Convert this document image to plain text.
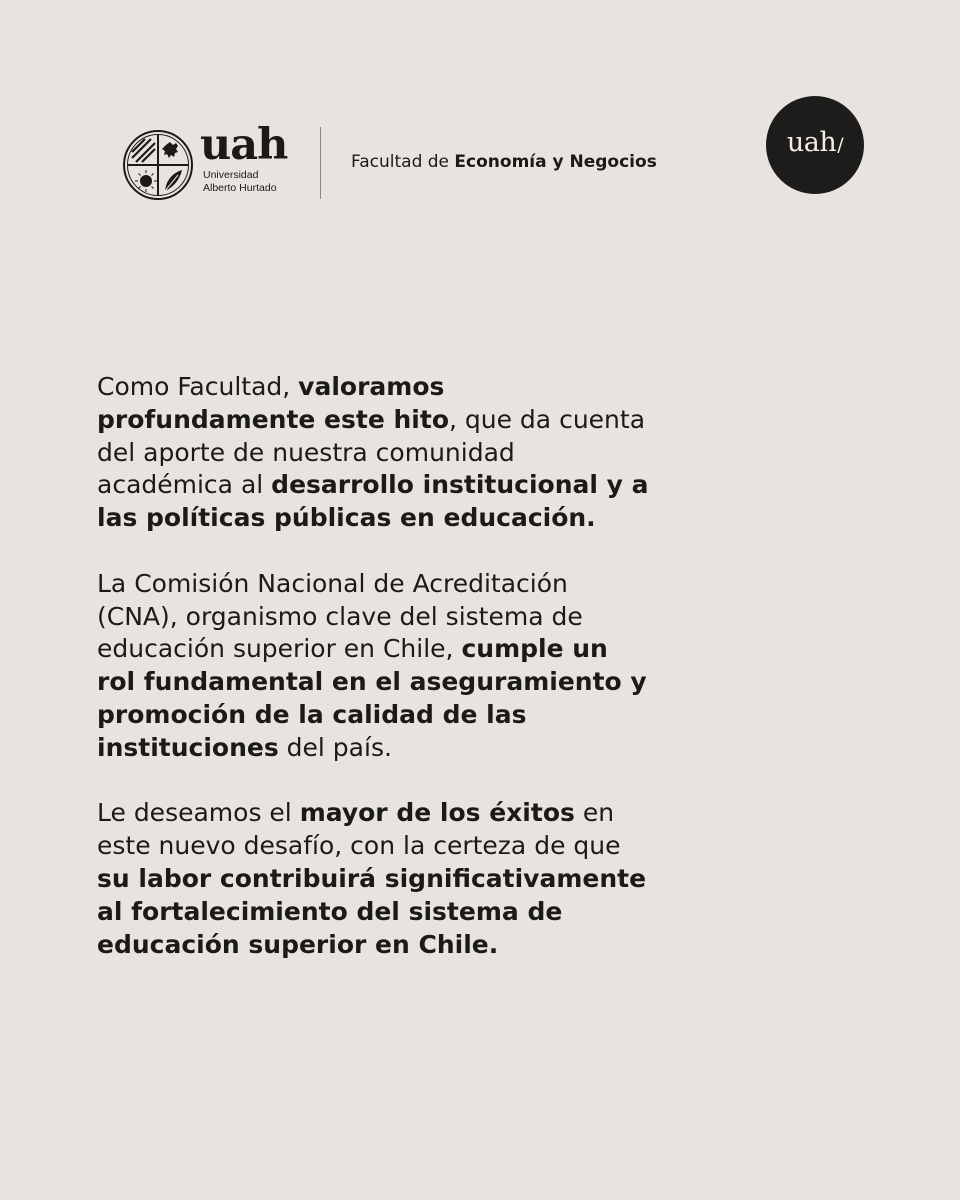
uah
Universidad
Alberto Hurtado
Facultad de Economía y Negocios
uah/

Como Facultad, valoramos
profundamente este hito, que da cuenta
del aporte de nuestra comunidad
académica al desarrollo institucional y a
las políticas públicas en educación.

La Comisión Nacional de Acreditación
(CNA), organismo clave del sistema de
educación superior en Chile, cumple un
rol fundamental en el aseguramiento y
promoción de la calidad de las
instituciones del país.

Le deseamos el mayor de los éxitos en
este nuevo desafío, con la certeza de que
su labor contribuirá significativamente
al fortalecimiento del sistema de
educación superior en Chile.
